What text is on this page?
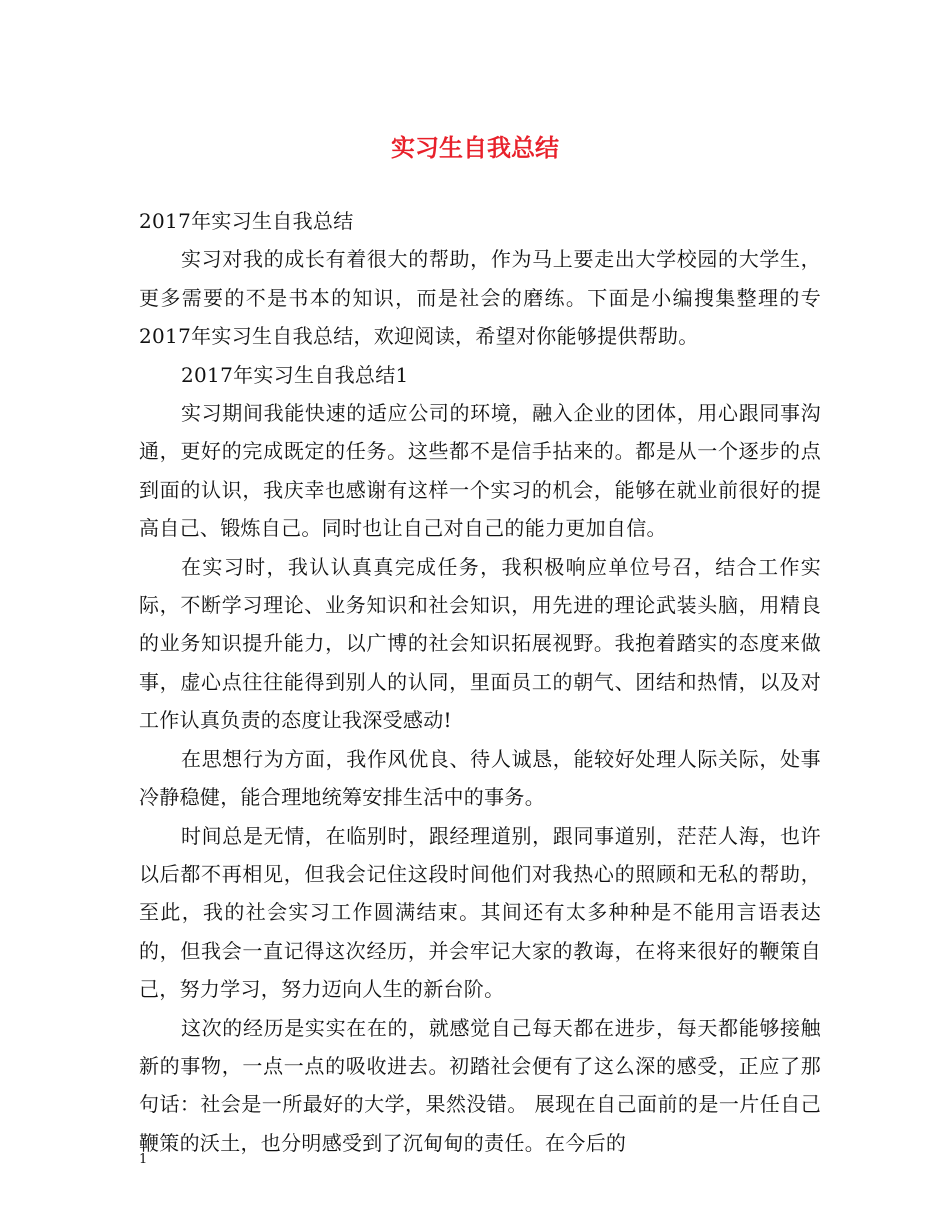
实习生自我总结

2017年实习生自我总结

实习对我的成长有着很大的帮助，作为马上要走出大学校园的大学生，更多需要的不是书本的知识，而是社会的磨练。下面是小编搜集整理的专2017年实习生自我总结，欢迎阅读，希望对你能够提供帮助。

2017年实习生自我总结1

实习期间我能快速的适应公司的环境，融入企业的团体，用心跟同事沟通，更好的完成既定的任务。这些都不是信手拈来的。都是从一个逐步的点到面的认识，我庆幸也感谢有这样一个实习的机会，能够在就业前很好的提高自己、锻炼自己。同时也让自己对自己的能力更加自信。

在实习时，我认认真真完成任务，我积极响应单位号召，结合工作实际，不断学习理论、业务知识和社会知识，用先进的理论武装头脑，用精良的业务知识提升能力，以广博的社会知识拓展视野。我抱着踏实的态度来做事，虚心点往往能得到别人的认同，里面员工的朝气、团结和热情，以及对工作认真负责的态度让我深受感动!

在思想行为方面，我作风优良、待人诚恳，能较好处理人际关际，处事冷静稳健，能合理地统筹安排生活中的事务。

时间总是无情，在临别时，跟经理道别，跟同事道别，茫茫人海，也许以后都不再相见，但我会记住这段时间他们对我热心的照顾和无私的帮助， 至此，我的社会实习工作圆满结束。其间还有太多种种是不能用言语表达的，但我会一直记得这次经历，并会牢记大家的教诲，在将来很好的鞭策自己，努力学习，努力迈向人生的新台阶。

这次的经历是实实在在的，就感觉自己每天都在进步，每天都能够接触新的事物，一点一点的吸收进去。初踏社会便有了这么深的感受，正应了那句话：社会是一所最好的大学，果然没错。 展现在自己面前的是一片任自己鞭策的沃土，也分明感受到了沉甸甸的责任。在今后的

1
